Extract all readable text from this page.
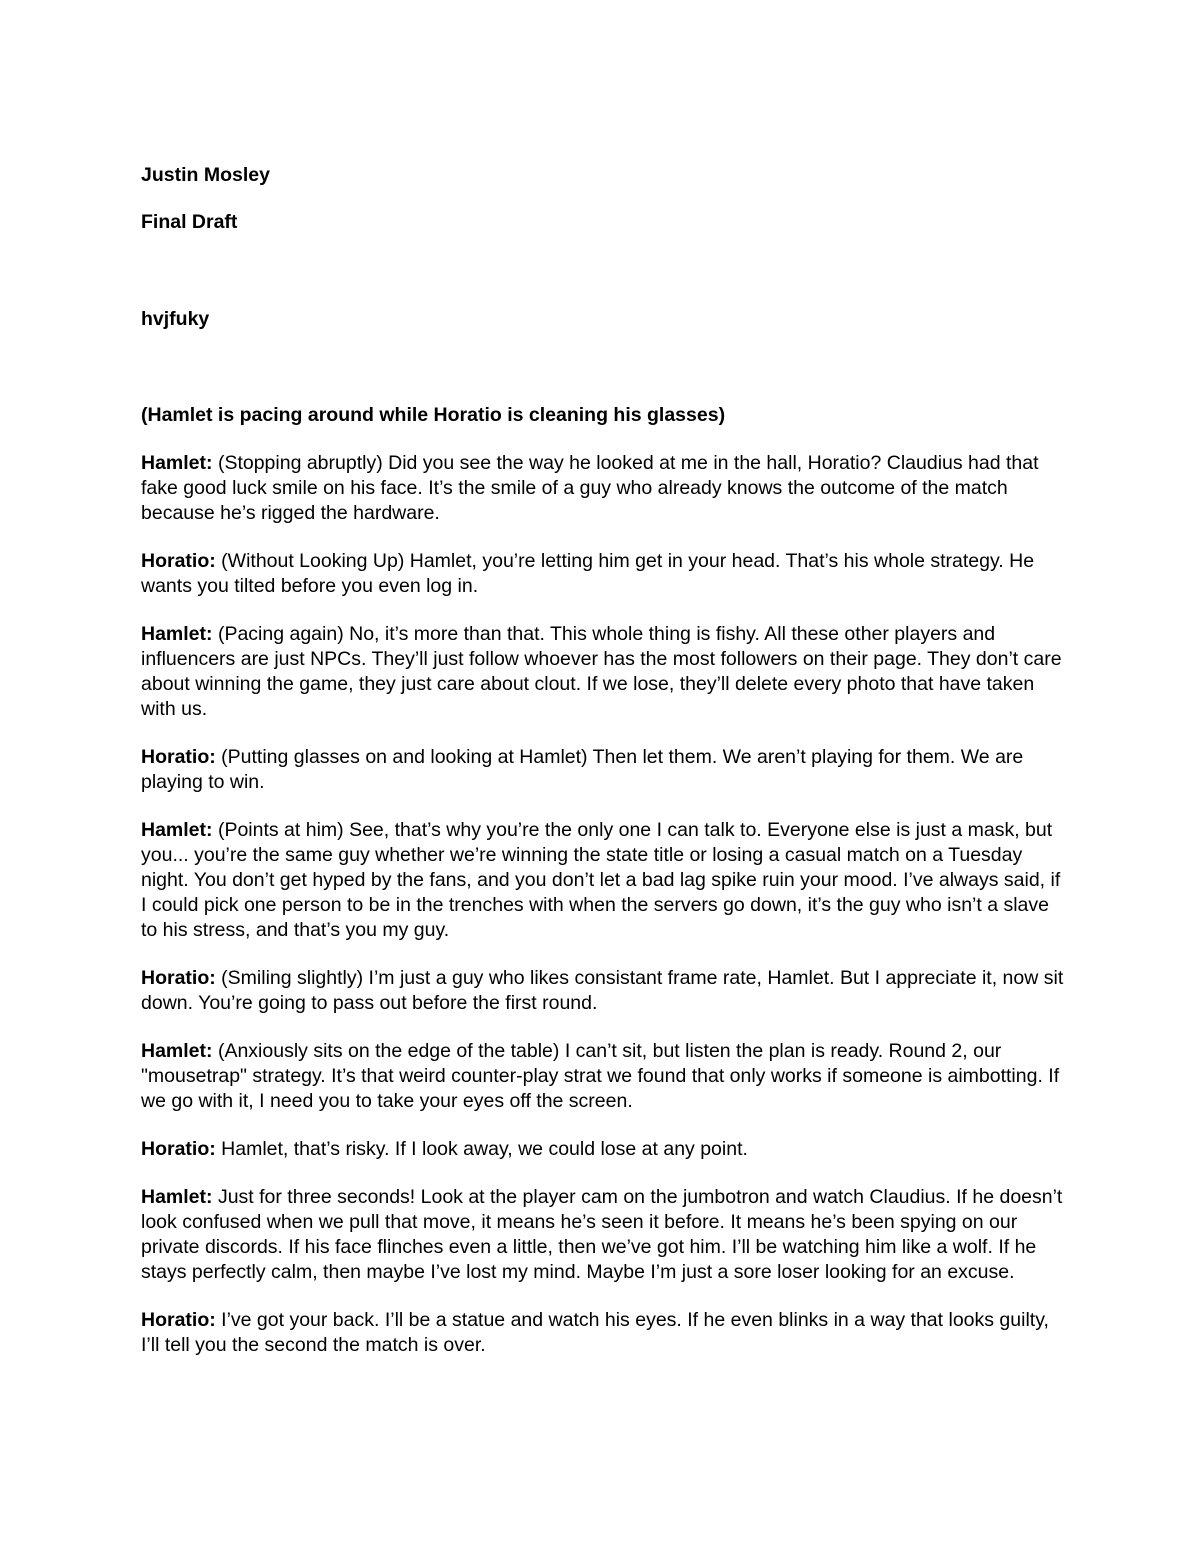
Justin Mosley

Final Draft

hvjfuky

(Hamlet is pacing around while Horatio is cleaning his glasses)

Hamlet: (Stopping abruptly) Did you see the way he looked at me in the hall, Horatio? Claudius had that fake good luck smile on his face. It’s the smile of a guy who already knows the outcome of the match because he’s rigged the hardware.

Horatio: (Without Looking Up) Hamlet, you’re letting him get in your head. That’s his whole strategy. He wants you tilted before you even log in.

Hamlet: (Pacing again) No, it’s more than that. This whole thing is fishy. All these other players and influencers are just NPCs. They’ll just follow whoever has the most followers on their page. They don’t care about winning the game, they just care about clout. If we lose, they’ll delete every photo that have taken with us.

Horatio: (Putting glasses on and looking at Hamlet) Then let them. We aren’t playing for them. We are playing to win.

Hamlet: (Points at him) See, that’s why you’re the only one I can talk to. Everyone else is just a mask, but you... you’re the same guy whether we’re winning the state title or losing a casual match on a Tuesday night. You don’t get hyped by the fans, and you don’t let a bad lag spike ruin your mood. I’ve always said, if I could pick one person to be in the trenches with when the servers go down, it’s the guy who isn’t a slave to his stress, and that’s you my guy.

Horatio: (Smiling slightly) I’m just a guy who likes consistant frame rate, Hamlet. But I appreciate it, now sit down. You’re going to pass out before the first round.

Hamlet: (Anxiously sits on the edge of the table) I can’t sit, but listen the plan is ready. Round 2, our "mousetrap" strategy. It’s that weird counter-play strat we found that only works if someone is aimbotting. If we go with it, I need you to take your eyes off the screen.

Horatio: Hamlet, that’s risky. If I look away, we could lose at any point.

Hamlet: Just for three seconds! Look at the player cam on the jumbotron and watch Claudius. If he doesn’t look confused when we pull that move, it means he’s seen it before. It means he’s been spying on our private discords. If his face flinches even a little, then we’ve got him. I’ll be watching him like a wolf. If he stays perfectly calm, then maybe I’ve lost my mind. Maybe I’m just a sore loser looking for an excuse.

Horatio: I’ve got your back. I’ll be a statue and watch his eyes. If he even blinks in a way that looks guilty, I’ll tell you the second the match is over.
